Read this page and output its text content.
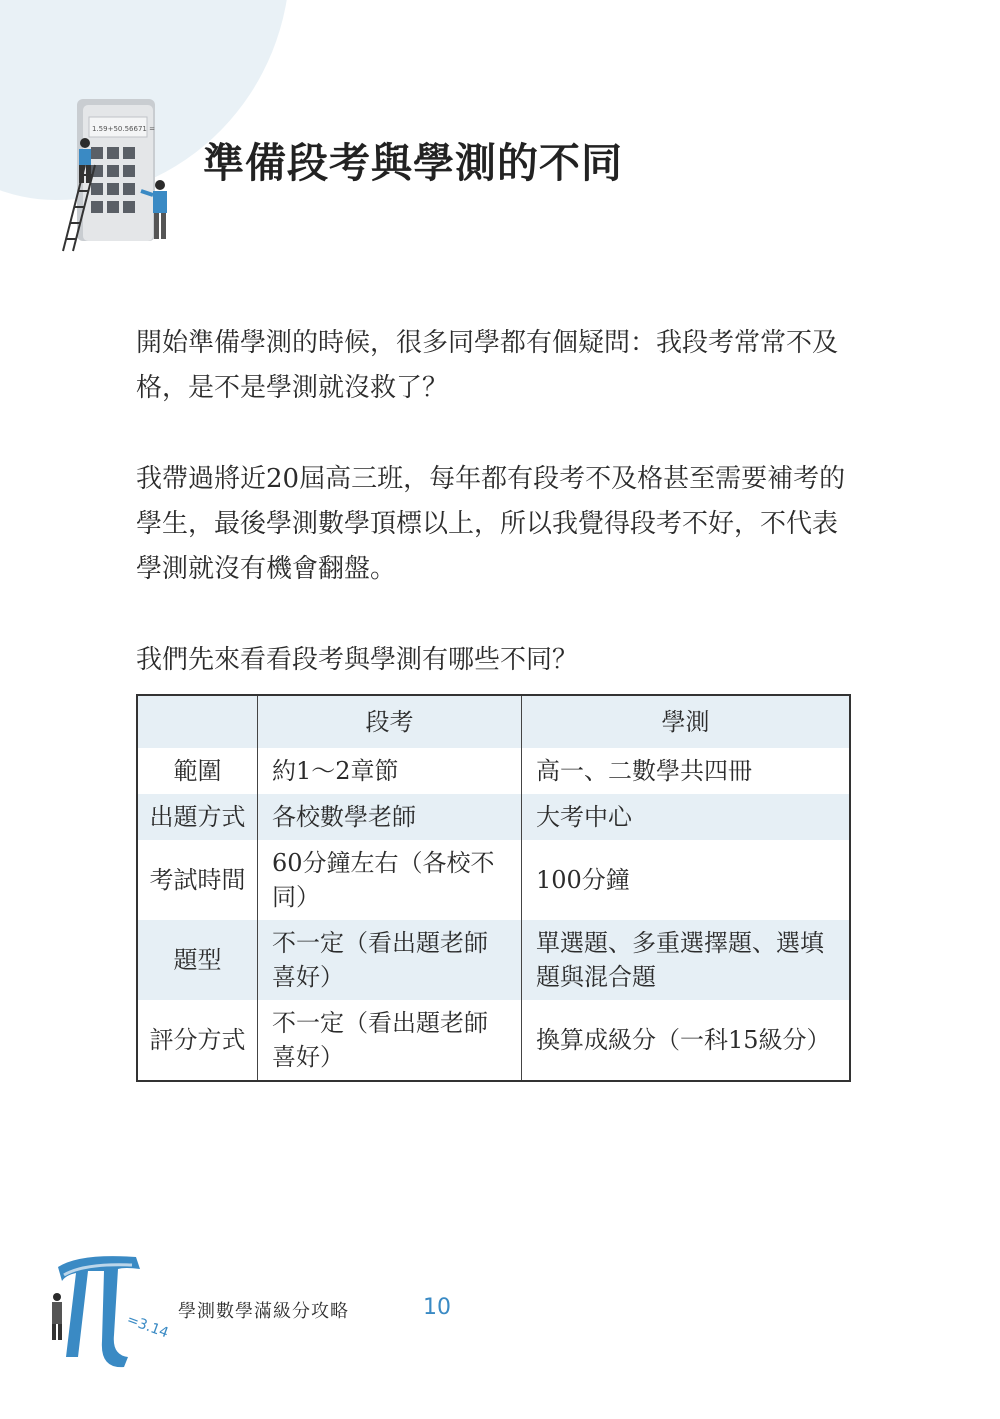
1.59+50.56671 =
準備段考與學測的不同
開始準備學測的時候，很多同學都有個疑問：我段考常常不及格，是不是學測就沒救了？
我帶過將近20屆高三班，每年都有段考不及格甚至需要補考的學生，最後學測數學頂標以上，所以我覺得段考不好，不代表學測就沒有機會翻盤。
我們先來看看段考與學測有哪些不同？
	段考	學測
範圍	約1～2章節	高一、二數學共四冊
出題方式	各校數學老師	大考中心
考試時間	60分鐘左右（各校不同）	100分鐘
題型	不一定（看出題老師喜好）	單選題、多重選擇題、選填題與混合題
評分方式	不一定（看出題老師喜好）	換算成級分（一科15級分）
=3.14
學測數學滿級分攻略	10
